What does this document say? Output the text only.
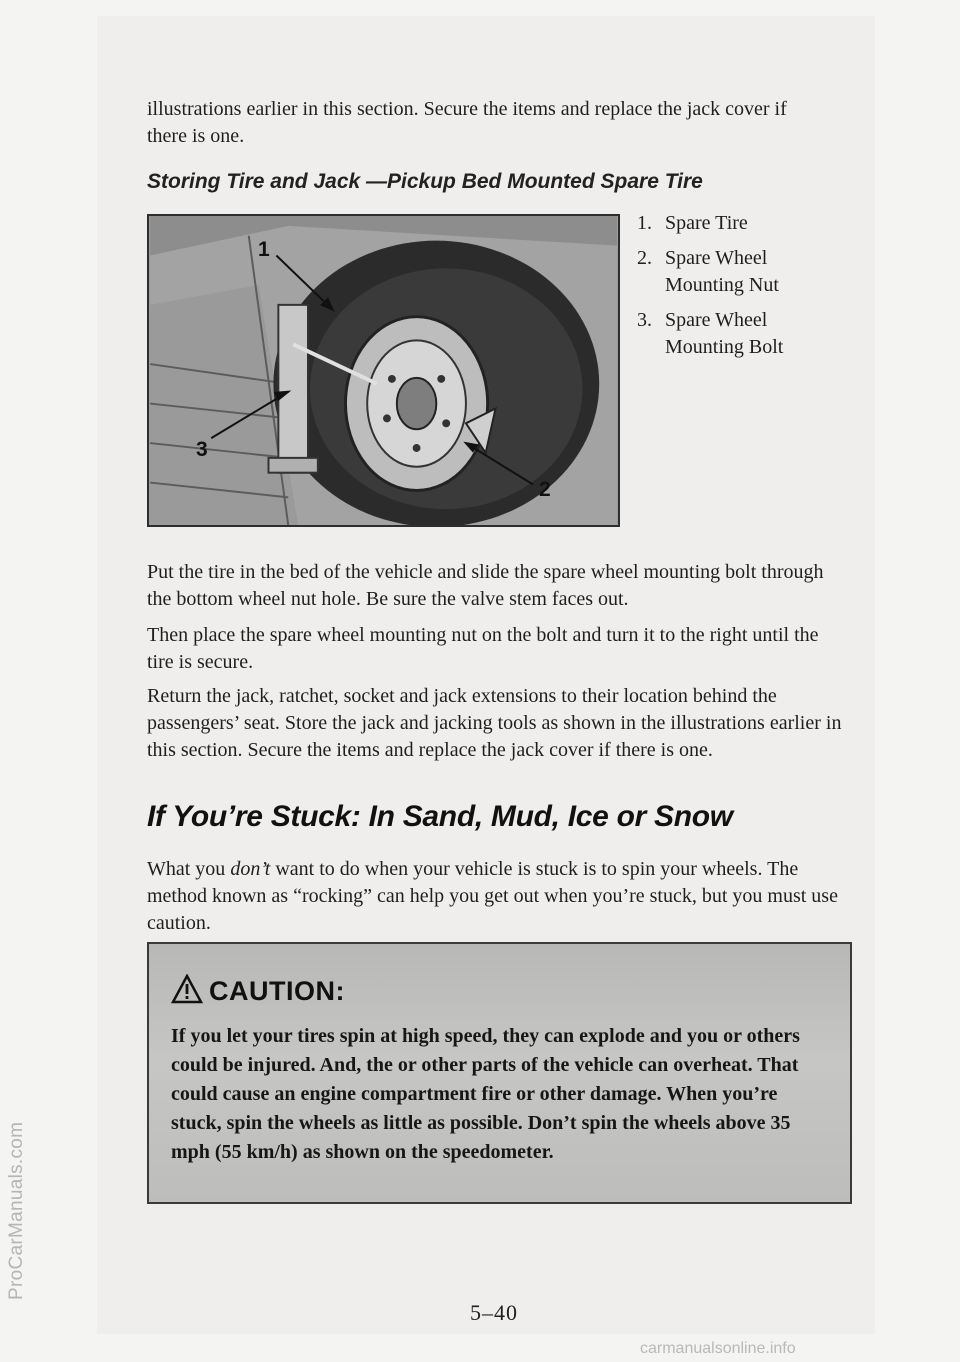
ProCarManuals.com
illustrations earlier in this section. Secure the items and replace the jack cover if there is one.
Storing Tire and Jack —Pickup Bed Mounted Spare Tire
1
3
2
1. Spare Tire
2. Spare Wheel Mounting Nut
3. Spare Wheel Mounting Bolt
Put the tire in the bed of the vehicle and slide the spare wheel mounting bolt through the bottom wheel nut hole. Be sure the valve stem faces out.
Then place the spare wheel mounting nut on the bolt and turn it to the right until the tire is secure.
Return the jack, ratchet, socket and jack extensions to their location behind the passengers’ seat. Store the jack and jacking tools as shown in the illustrations earlier in this section. Secure the items and replace the jack cover if there is one.
If You’re Stuck: In Sand, Mud, Ice or Snow
What you don’t want to do when your vehicle is stuck is to spin your wheels. The method known as “rocking” can help you get out when you’re stuck, but you must use caution.
CAUTION:
If you let your tires spin at high speed, they can explode and you or others could be injured. And, the or other parts of the vehicle can overheat. That could cause an engine compartment fire or other damage. When you’re stuck, spin the wheels as little as possible. Don’t spin the wheels above 35 mph (55 km/h) as shown on the speedometer.
5–40
carmanualsonline.info
